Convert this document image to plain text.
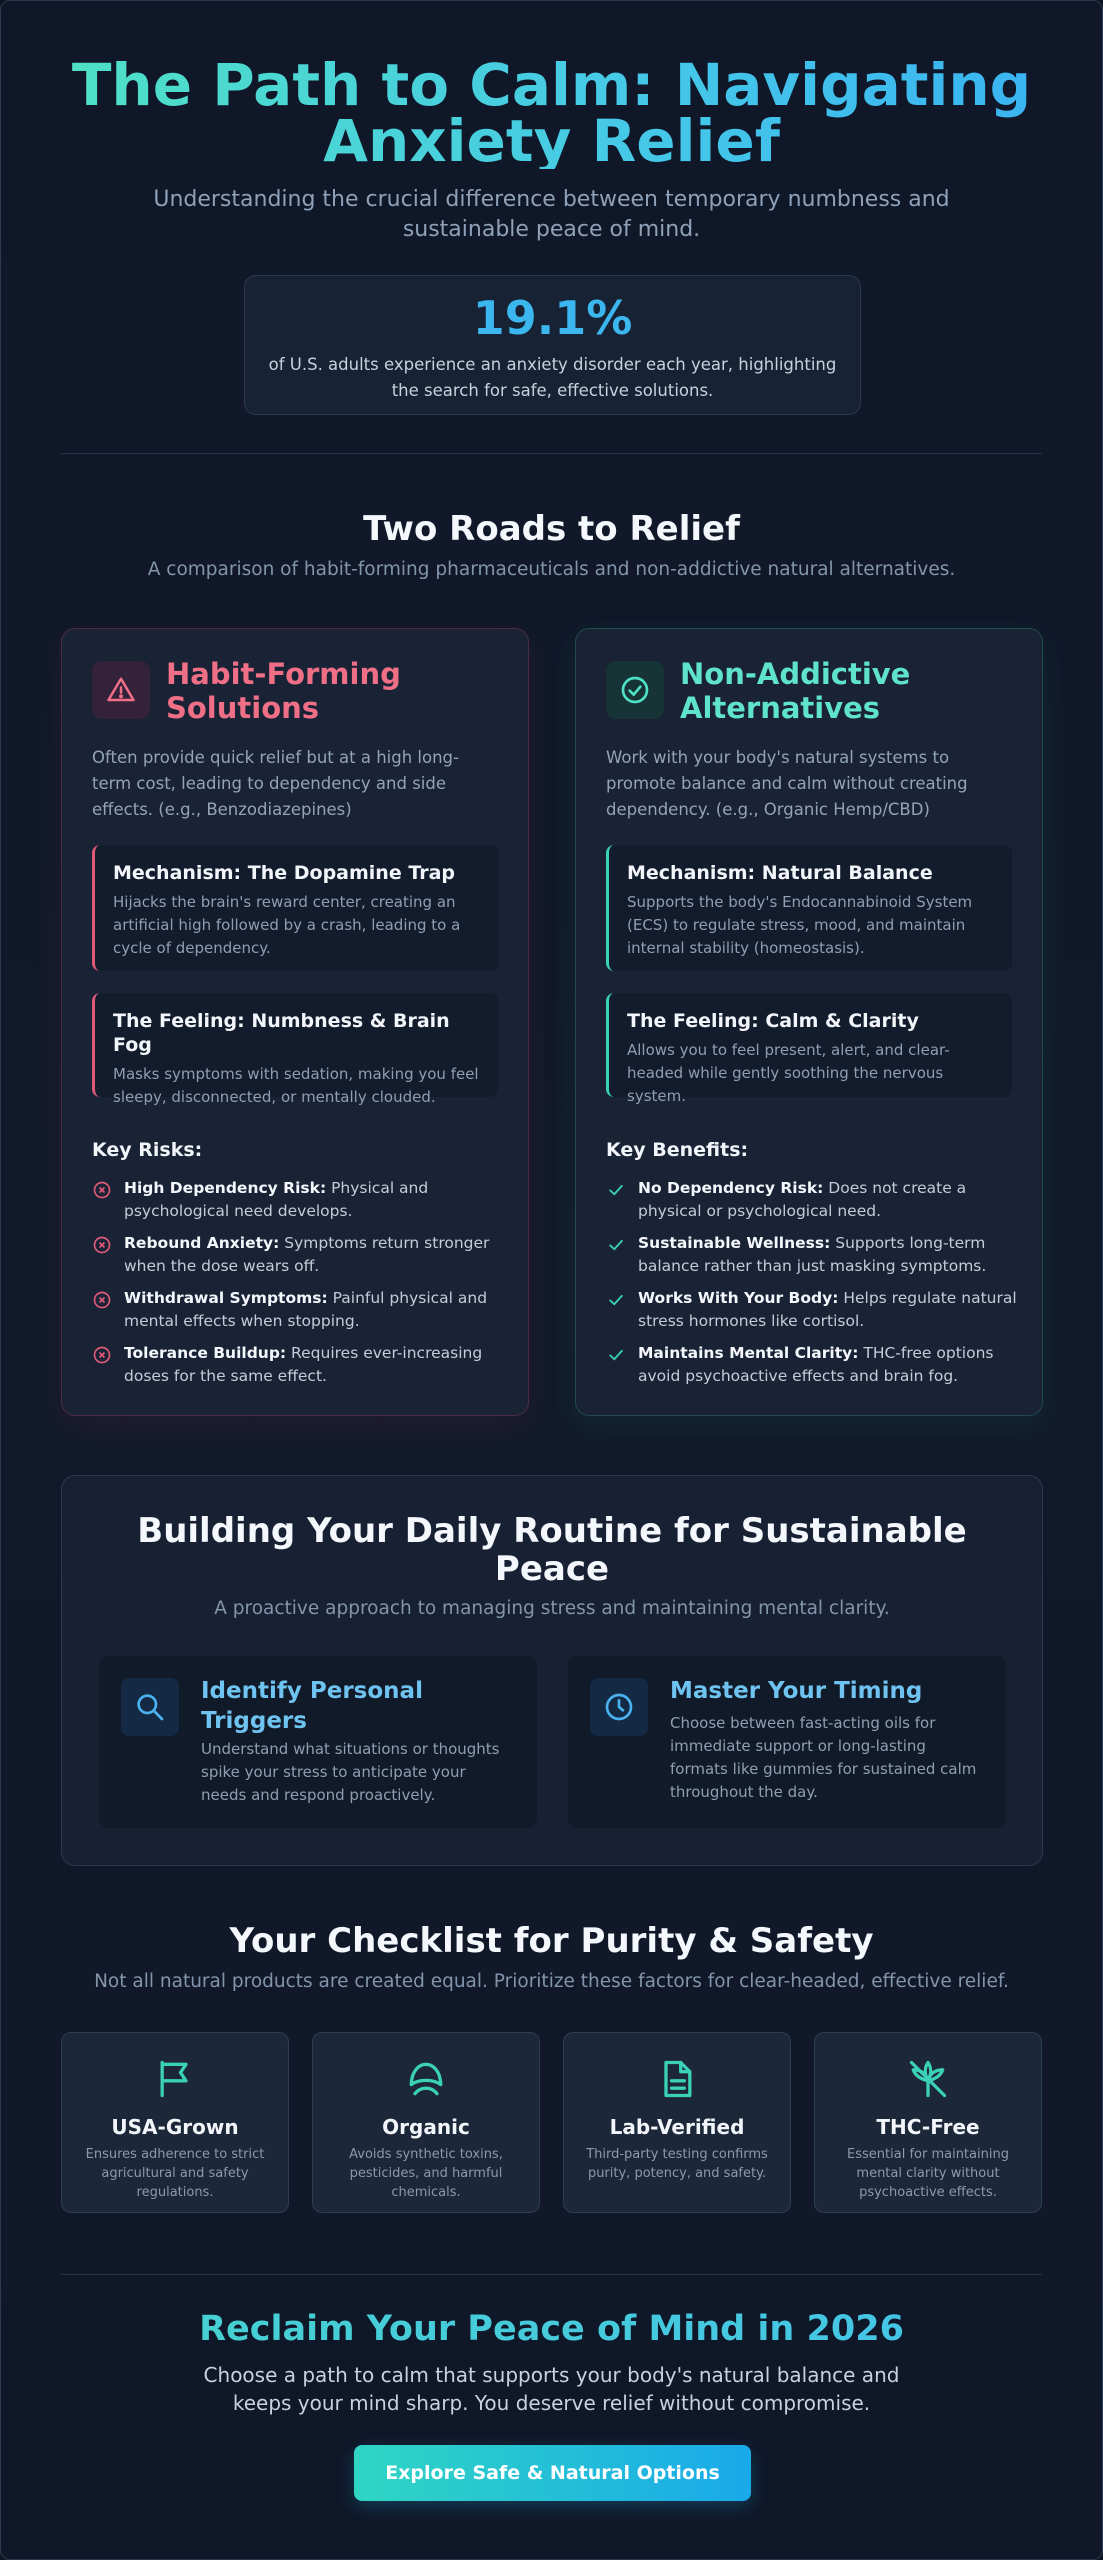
The Path to Calm: Navigating Anxiety Relief

Understanding the crucial difference between temporary numbness and sustainable peace of mind.

19.1%
of U.S. adults experience an anxiety disorder each year, highlighting the search for safe, effective solutions.
Two Roads to Relief

A comparison of habit-forming pharmaceuticals and non-addictive natural alternatives.

Habit-Forming Solutions

Often provide quick relief but at a high long-term cost, leading to dependency and side effects. (e.g., Benzodiazepines)

Mechanism: The Dopamine Trap
Hijacks the brain's reward center, creating an artificial high followed by a crash, leading to a cycle of dependency.
The Feeling: Numbness & Brain Fog
Masks symptoms with sedation, making you feel sleepy, disconnected, or mentally clouded.
Key Risks:
High Dependency Risk: Physical and psychological need develops.
Rebound Anxiety: Symptoms return stronger when the dose wears off.
Withdrawal Symptoms: Painful physical and mental effects when stopping.
Tolerance Buildup: Requires ever-increasing doses for the same effect.
Non-Addictive Alternatives

Work with your body's natural systems to promote balance and calm without creating dependency. (e.g., Organic Hemp/CBD)

Mechanism: Natural Balance
Supports the body's Endocannabinoid System (ECS) to regulate stress, mood, and maintain internal stability (homeostasis).
The Feeling: Calm & Clarity
Allows you to feel present, alert, and clear-headed while gently soothing the nervous system.
Key Benefits:
No Dependency Risk: Does not create a physical or psychological need.
Sustainable Wellness: Supports long-term balance rather than just masking symptoms.
Works With Your Body: Helps regulate natural stress hormones like cortisol.
Maintains Mental Clarity: THC-free options avoid psychoactive effects and brain fog.
Building Your Daily Routine for Sustainable Peace

A proactive approach to managing stress and maintaining mental clarity.

Identify Personal Triggers
Understand what situations or thoughts spike your stress to anticipate your needs and respond proactively.
Master Your Timing
Choose between fast-acting oils for immediate support or long-lasting formats like gummies for sustained calm throughout the day.
Your Checklist for Purity & Safety

Not all natural products are created equal. Prioritize these factors for clear-headed, effective relief.

USA-Grown
Ensures adherence to strict agricultural and safety regulations.
Organic
Avoids synthetic toxins, pesticides, and harmful chemicals.
Lab-Verified
Third-party testing confirms purity, potency, and safety.
THC-Free
Essential for maintaining mental clarity without psychoactive effects.
Reclaim Your Peace of Mind in 2026

Choose a path to calm that supports your body's natural balance and keeps your mind sharp. You deserve relief without compromise.

Explore Safe & Natural Options
